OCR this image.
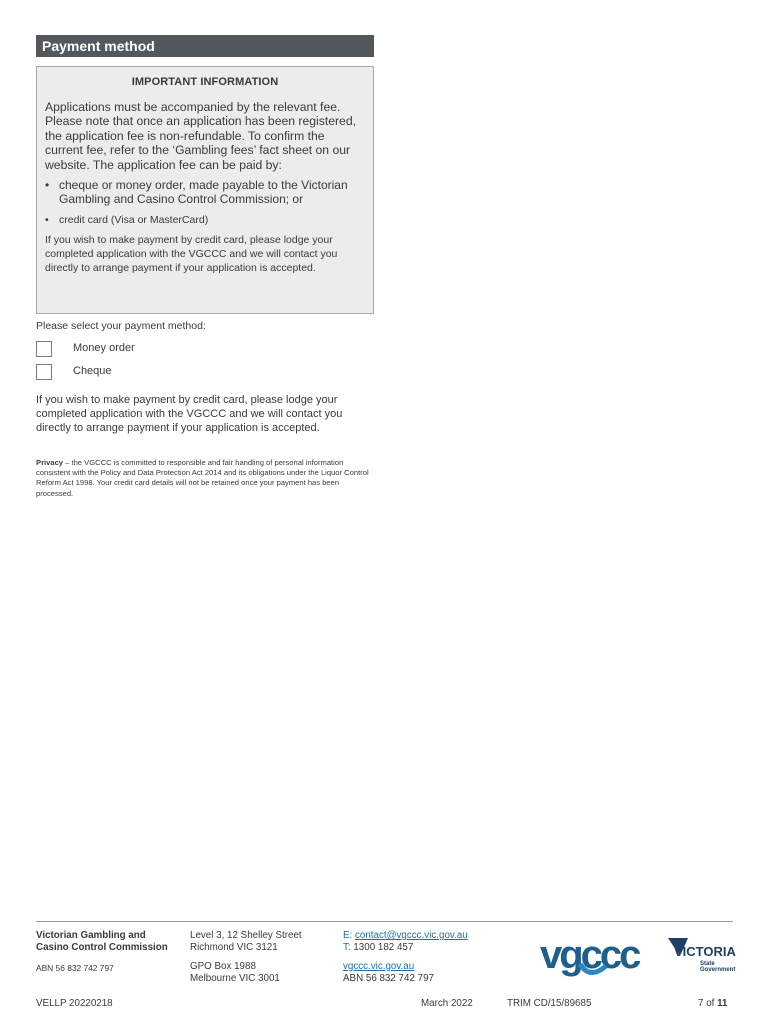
Payment method
IMPORTANT INFORMATION

Applications must be accompanied by the relevant fee. Please note that once an application has been registered, the application fee is non-refundable. To confirm the current fee, refer to the ‘Gambling fees’ fact sheet on our website. The application fee can be paid by:

• cheque or money order, made payable to the Victorian Gambling and Casino Control Commission; or
• credit card (Visa or MasterCard)

If you wish to make payment by credit card, please lodge your completed application with the VGCCC and we will contact you directly to arrange payment if your application is accepted.

Please select your payment method:
Money order
Cheque

If you wish to make payment by credit card, please lodge your completed application with the VGCCC and we will contact you directly to arrange payment if your application is accepted.

Privacy – the VGCCC is committed to responsible and fair handling of personal information consistent with the Policy and Data Protection Act 2014 and its obligations under the Liquor Control Reform Act 1998. Your credit card details will not be retained once your payment has been processed.

Victorian Gambling and

Casino Control Commission

ABN 56 832 742 797

Level 3, 12 Shelley Street

Richmond VIC 3121

GPO Box 1988

Melbourne VIC 3001

E: contact@vgccc.vic.gov.au

T: 1300 182 457

vgccc.vic.gov.au

ABN 56 832 742 797

vgccc	VICTORIA
State
Government
VELLP 20220218	March 2022	TRIM CD/15/89685	7 of 11
